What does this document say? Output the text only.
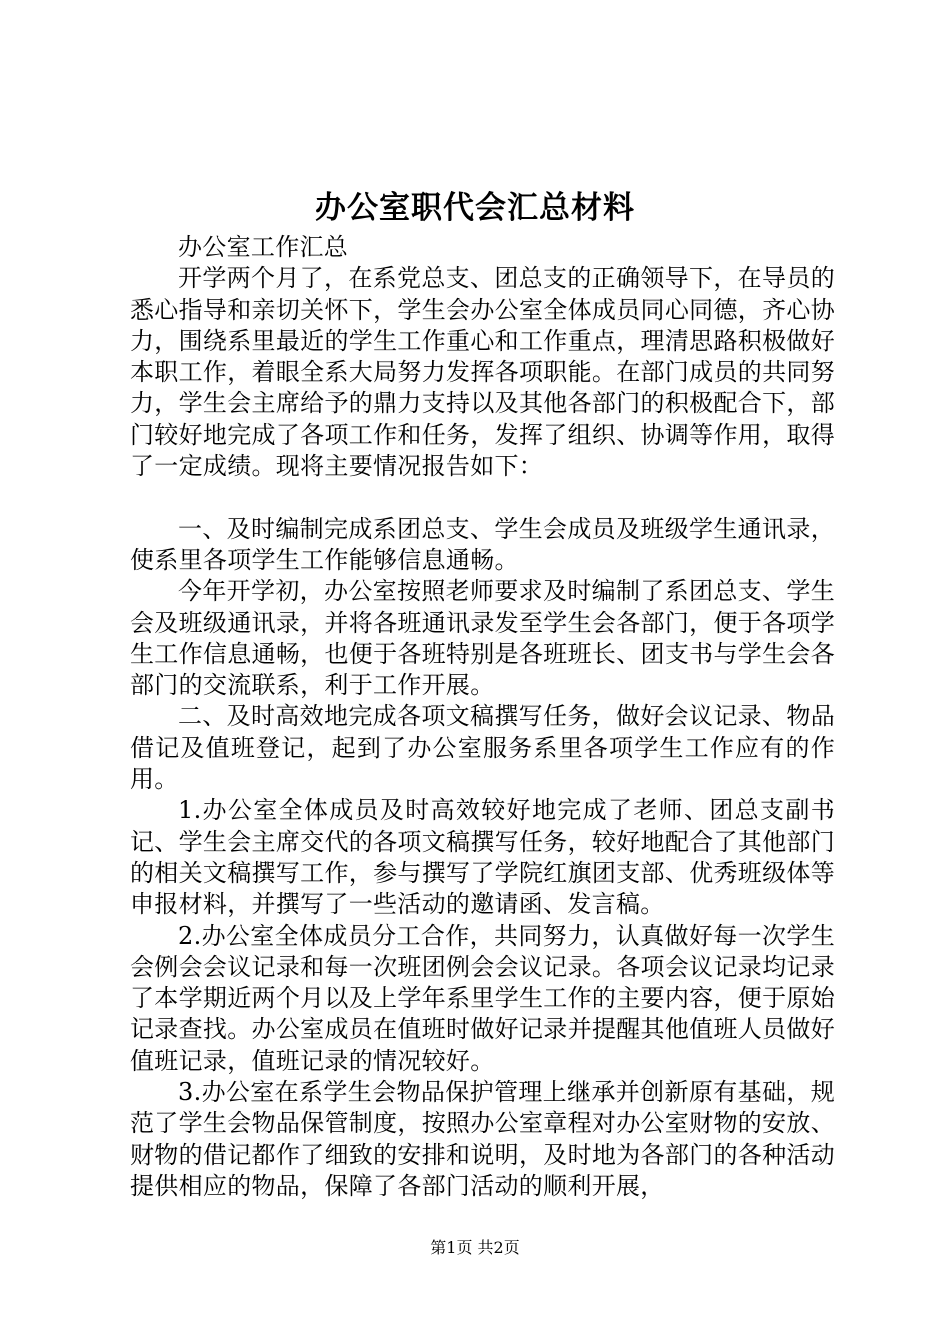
办公室职代会汇总材料

办公室工作汇总

开学两个月了，在系党总支、团总支的正确领导下，在导员的悉心指导和亲切关怀下，学生会办公室全体成员同心同德，齐心协力，围绕系里最近的学生工作重心和工作重点，理清思路积极做好本职工作，着眼全系大局努力发挥各项职能。在部门成员的共同努力，学生会主席给予的鼎力支持以及其他各部门的积极配合下，部门较好地完成了各项工作和任务，发挥了组织、协调等作用，取得了一定成绩。现将主要情况报告如下：

一、及时编制完成系团总支、学生会成员及班级学生通讯录，使系里各项学生工作能够信息通畅。

今年开学初，办公室按照老师要求及时编制了系团总支、学生会及班级通讯录，并将各班通讯录发至学生会各部门，便于各项学生工作信息通畅，也便于各班特别是各班班长、团支书与学生会各部门的交流联系，利于工作开展。

二、及时高效地完成各项文稿撰写任务，做好会议记录、物品借记及值班登记，起到了办公室服务系里各项学生工作应有的作用。

1.办公室全体成员及时高效较好地完成了老师、团总支副书记、学生会主席交代的各项文稿撰写任务，较好地配合了其他部门的相关文稿撰写工作，参与撰写了学院红旗团支部、优秀班级体等申报材料，并撰写了一些活动的邀请函、发言稿。

2.办公室全体成员分工合作，共同努力，认真做好每一次学生会例会会议记录和每一次班团例会会议记录。各项会议记录均记录了本学期近两个月以及上学年系里学生工作的主要内容，便于原始记录查找。办公室成员在值班时做好记录并提醒其他值班人员做好值班记录，值班记录的情况较好。

3.办公室在系学生会物品保护管理上继承并创新原有基础，规范了学生会物品保管制度，按照办公室章程对办公室财物的安放、财物的借记都作了细致的安排和说明，及时地为各部门的各种活动提供相应的物品，保障了各部门活动的顺利开展，

第1页 共2页
